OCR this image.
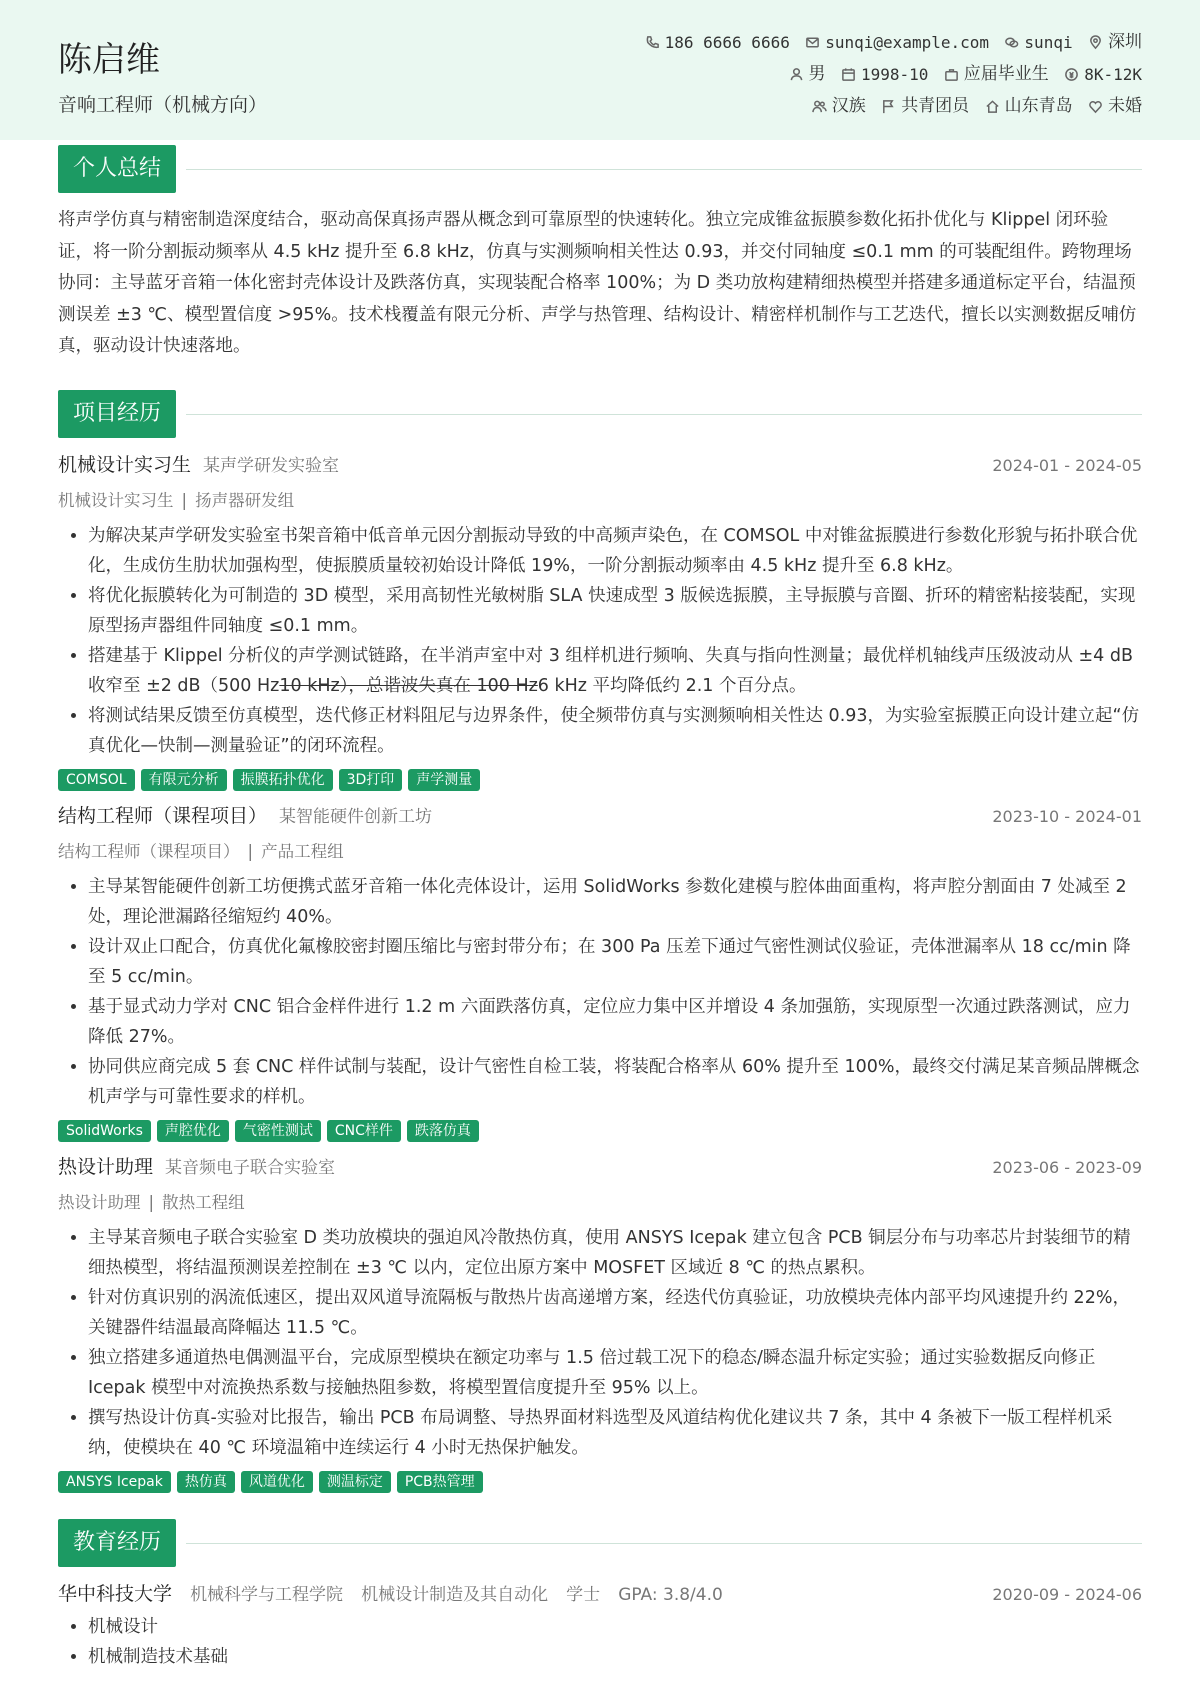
陈启维
音响工程师（机械方向）
186 6666 6666
sunqi@example.com
sunqi
深圳
男
1998-10
应届毕业生
8K-12K
汉族
共青团员
山东青岛
未婚
个人总结
将声学仿真与精密制造深度结合，驱动高保真扬声器从概念到可靠原型的快速转化。独立完成锥盆振膜参数化拓扑优化与 Klippel 闭环验证，将一阶分割振动频率从 4.5 kHz 提升至 6.8 kHz，仿真与实测频响相关性达 0.93，并交付同轴度 ≤0.1 mm 的可装配组件。跨物理场协同：主导蓝牙音箱一体化密封壳体设计及跌落仿真，实现装配合格率 100%；为 D 类功放构建精细热模型并搭建多通道标定平台，结温预测误差 ±3 ℃、模型置信度 >95%。技术栈覆盖有限元分析、声学与热管理、结构设计、精密样机制作与工艺迭代，擅长以实测数据反哺仿真，驱动设计快速落地。
项目经历
机械设计实习生 某声学研发实验室	2024-01 - 2024-05
机械设计实习生 | 扬声器研发组
• 为解决某声学研发实验室书架音箱中低音单元因分割振动导致的中高频声染色，在 COMSOL 中对锥盆振膜进行参数化形貌与拓扑联合优化，生成仿生肋状加强构型，使振膜质量较初始设计降低 19%，一阶分割振动频率由 4.5 kHz 提升至 6.8 kHz。
• 将优化振膜转化为可制造的 3D 模型，采用高韧性光敏树脂 SLA 快速成型 3 版候选振膜，主导振膜与音圈、折环的精密粘接装配，实现原型扬声器组件同轴度 ≤0.1 mm。
• 搭建基于 Klippel 分析仪的声学测试链路，在半消声室中对 3 组样机进行频响、失真与指向性测量；最优样机轴线声压级波动从 ±4 dB 收窄至 ±2 dB（500 Hz10 kHz），总谐波失真在 100 Hz6 kHz 平均降低约 2.1 个百分点。
• 将测试结果反馈至仿真模型，迭代修正材料阻尼与边界条件，使全频带仿真与实测频响相关性达 0.93，为实验室振膜正向设计建立起“仿真优化—快制—测量验证”的闭环流程。
COMSOL	有限元分析	振膜拓扑优化	3D打印	声学测量
结构工程师（课程项目） 某智能硬件创新工坊	2023-10 - 2024-01
结构工程师（课程项目） | 产品工程组
• 主导某智能硬件创新工坊便携式蓝牙音箱一体化壳体设计，运用 SolidWorks 参数化建模与腔体曲面重构，将声腔分割面由 7 处减至 2 处，理论泄漏路径缩短约 40%。
• 设计双止口配合，仿真优化氟橡胶密封圈压缩比与密封带分布；在 300 Pa 压差下通过气密性测试仪验证，壳体泄漏率从 18 cc/min 降至 5 cc/min。
• 基于显式动力学对 CNC 铝合金样件进行 1.2 m 六面跌落仿真，定位应力集中区并增设 4 条加强筋，实现原型一次通过跌落测试，应力降低 27%。
• 协同供应商完成 5 套 CNC 样件试制与装配，设计气密性自检工装，将装配合格率从 60% 提升至 100%，最终交付满足某音频品牌概念机声学与可靠性要求的样机。
SolidWorks	声腔优化	气密性测试	CNC样件	跌落仿真
热设计助理 某音频电子联合实验室	2023-06 - 2023-09
热设计助理 | 散热工程组
• 主导某音频电子联合实验室 D 类功放模块的强迫风冷散热仿真，使用 ANSYS Icepak 建立包含 PCB 铜层分布与功率芯片封装细节的精细热模型，将结温预测误差控制在 ±3 ℃ 以内，定位出原方案中 MOSFET 区域近 8 ℃ 的热点累积。
• 针对仿真识别的涡流低速区，提出双风道导流隔板与散热片齿高递增方案，经迭代仿真验证，功放模块壳体内部平均风速提升约 22%，关键器件结温最高降幅达 11.5 ℃。
• 独立搭建多通道热电偶测温平台，完成原型模块在额定功率与 1.5 倍过载工况下的稳态/瞬态温升标定实验；通过实验数据反向修正 Icepak 模型中对流换热系数与接触热阻参数，将模型置信度提升至 95% 以上。
• 撰写热设计仿真-实验对比报告，输出 PCB 布局调整、导热界面材料选型及风道结构优化建议共 7 条，其中 4 条被下一版工程样机采纳，使模块在 40 ℃ 环境温箱中连续运行 4 小时无热保护触发。
ANSYS Icepak	热仿真	风道优化	测温标定	PCB热管理
教育经历
华中科技大学 机械科学与工程学院 机械设计制造及其自动化 学士 GPA: 3.8/4.0	2020-09 - 2024-06
• 机械设计
• 机械制造技术基础
